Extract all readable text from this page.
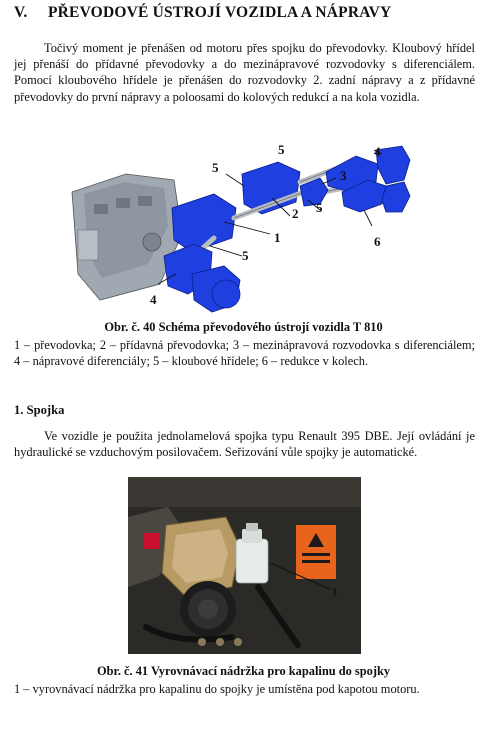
V. PŘEVODOVÉ ÚSTROJÍ VOZIDLA A NÁPRAVY

Točivý moment je přenášen od motoru přes spojku do převodovky. Kloubový hřídel jej přenáší do přídavné převodovky a do mezinápravové rozvodovky s diferenciálem. Pomocí kloubového hřídele je přenášen do rozvodovky 2. zadní nápravy a z přídavné převodovky do první nápravy a poloosami do kolových redukcí a na kola vozidla.

1
2
3
4
4
5
5
5
5
6
Obr. č. 40 Schéma převodového ústrojí vozidla T 810

1 – převodovka; 2 – přídavná převodovka; 3 – mezinápravová rozvodovka s diferenciálem; 4 – nápravové diferenciály; 5 – kloubové hřídele; 6 – redukce v kolech.

1. Spojka

Ve vozidle je použita jednolamelová spojka typu Renault 395 DBE. Její ovládání je hydraulické se vzduchovým posilovačem. Seřizování vůle spojky je automatické.

1
Obr. č. 41 Vyrovnávací nádržka pro kapalinu do spojky

1 – vyrovnávací nádržka pro kapalinu do spojky je umístěna pod kapotou motoru.
